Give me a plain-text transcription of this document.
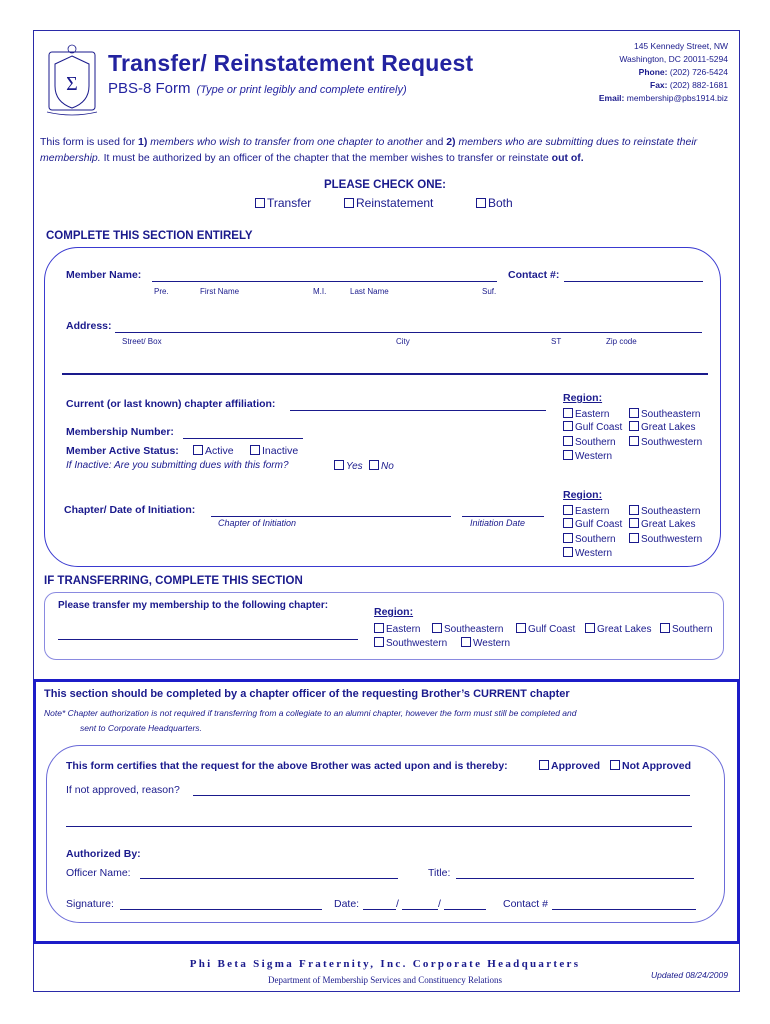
Σ
Transfer/ Reinstatement Request
PBS-8 Form (Type or print legibly and complete entirely)
145 Kennedy Street, NW
Washington, DC 20011-5294
Phone: (202) 726-5424
Fax: (202) 882-1681
Email: membership@pbs1914.biz
This form is used for 1) members who wish to transfer from one chapter to another and 2) members who are submitting dues to reinstate their membership. It must be authorized by an officer of the chapter that the member wishes to transfer or reinstate out of.
PLEASE CHECK ONE:
Transfer	Reinstatement	Both
COMPLETE THIS SECTION ENTIRELY
Member Name:	Contact #:
Pre.	First Name	M.I.	Last Name	Suf.
Address:
Street/ Box	City	ST	Zip code
Current (or last known) chapter affiliation:
Membership Number:
Member Active Status:	Active	Inactive
If Inactive: Are you submitting dues with this form?	Yes	No
Region:
Eastern	Southeastern
Gulf Coast	Great Lakes
Southern	Southwestern
Western
Chapter/ Date of Initiation:
Chapter of Initiation	Initiation Date
Region:
Eastern	Southeastern
Gulf Coast	Great Lakes
Southern	Southwestern
Western
IF TRANSFERRING, COMPLETE THIS SECTION
Please transfer my membership to the following chapter:
Region:
Eastern	Southeastern	Gulf Coast	Great Lakes	Southern
Southwestern	Western
This section should be completed by a chapter officer of the requesting Brother’s CURRENT chapter
Note* Chapter authorization is not required if transferring from a collegiate to an alumni chapter, however the form must still be completed and
sent to Corporate Headquarters.
This form certifies that the request for the above Brother was acted upon and is thereby:	Approved	Not Approved
If not approved, reason?
Authorized By:
Officer Name:	Title:
Signature:	Date:	/	/	Contact #
Phi Beta Sigma Fraternity, Inc. Corporate Headquarters
Department of Membership Services and Constituency Relations	Updated 08/24/2009
